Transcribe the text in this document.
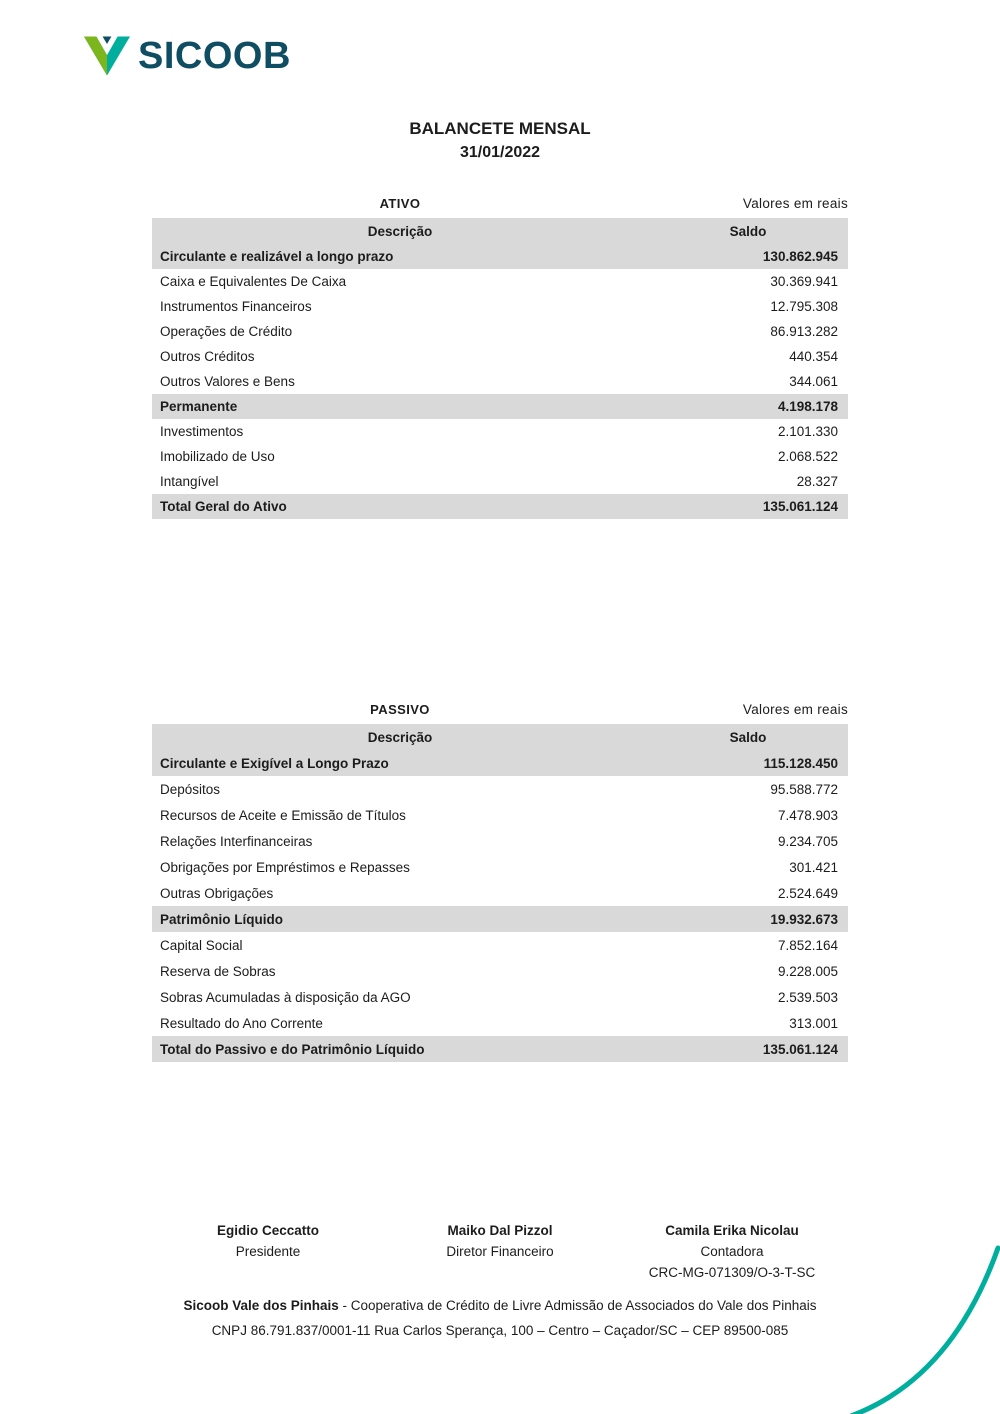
SICOOB
BALANCETE MENSAL
31/01/2022
ATIVO	Valores em reais
Descrição	Saldo
Circulante e realizável a longo prazo	130.862.945
Caixa e Equivalentes De Caixa	30.369.941
Instrumentos Financeiros	12.795.308
Operações de Crédito	86.913.282
Outros Créditos	440.354
Outros Valores e Bens	344.061
Permanente	4.198.178
Investimentos	2.101.330
Imobilizado de Uso	2.068.522
Intangível	28.327
Total Geral do Ativo	135.061.124
PASSIVO	Valores em reais
Descrição	Saldo
Circulante e Exigível a Longo Prazo	115.128.450
Depósitos	95.588.772
Recursos de Aceite e Emissão de Títulos	7.478.903
Relações Interfinanceiras	9.234.705
Obrigações por Empréstimos e Repasses	301.421
Outras Obrigações	2.524.649
Patrimônio Líquido	19.932.673
Capital Social	7.852.164
Reserva de Sobras	9.228.005
Sobras Acumuladas à disposição da AGO	2.539.503
Resultado do Ano Corrente	313.001
Total do Passivo e do Patrimônio Líquido	135.061.124
Egidio Ceccatto
Presidente
Maiko Dal Pizzol
Diretor Financeiro
Camila Erika Nicolau
Contadora
CRC-MG-071309/O-3-T-SC
Sicoob Vale dos Pinhais - Cooperativa de Crédito de Livre Admissão de Associados do Vale dos Pinhais
CNPJ 86.791.837/0001-11 Rua Carlos Sperança, 100 – Centro – Caçador/SC – CEP 89500-085
